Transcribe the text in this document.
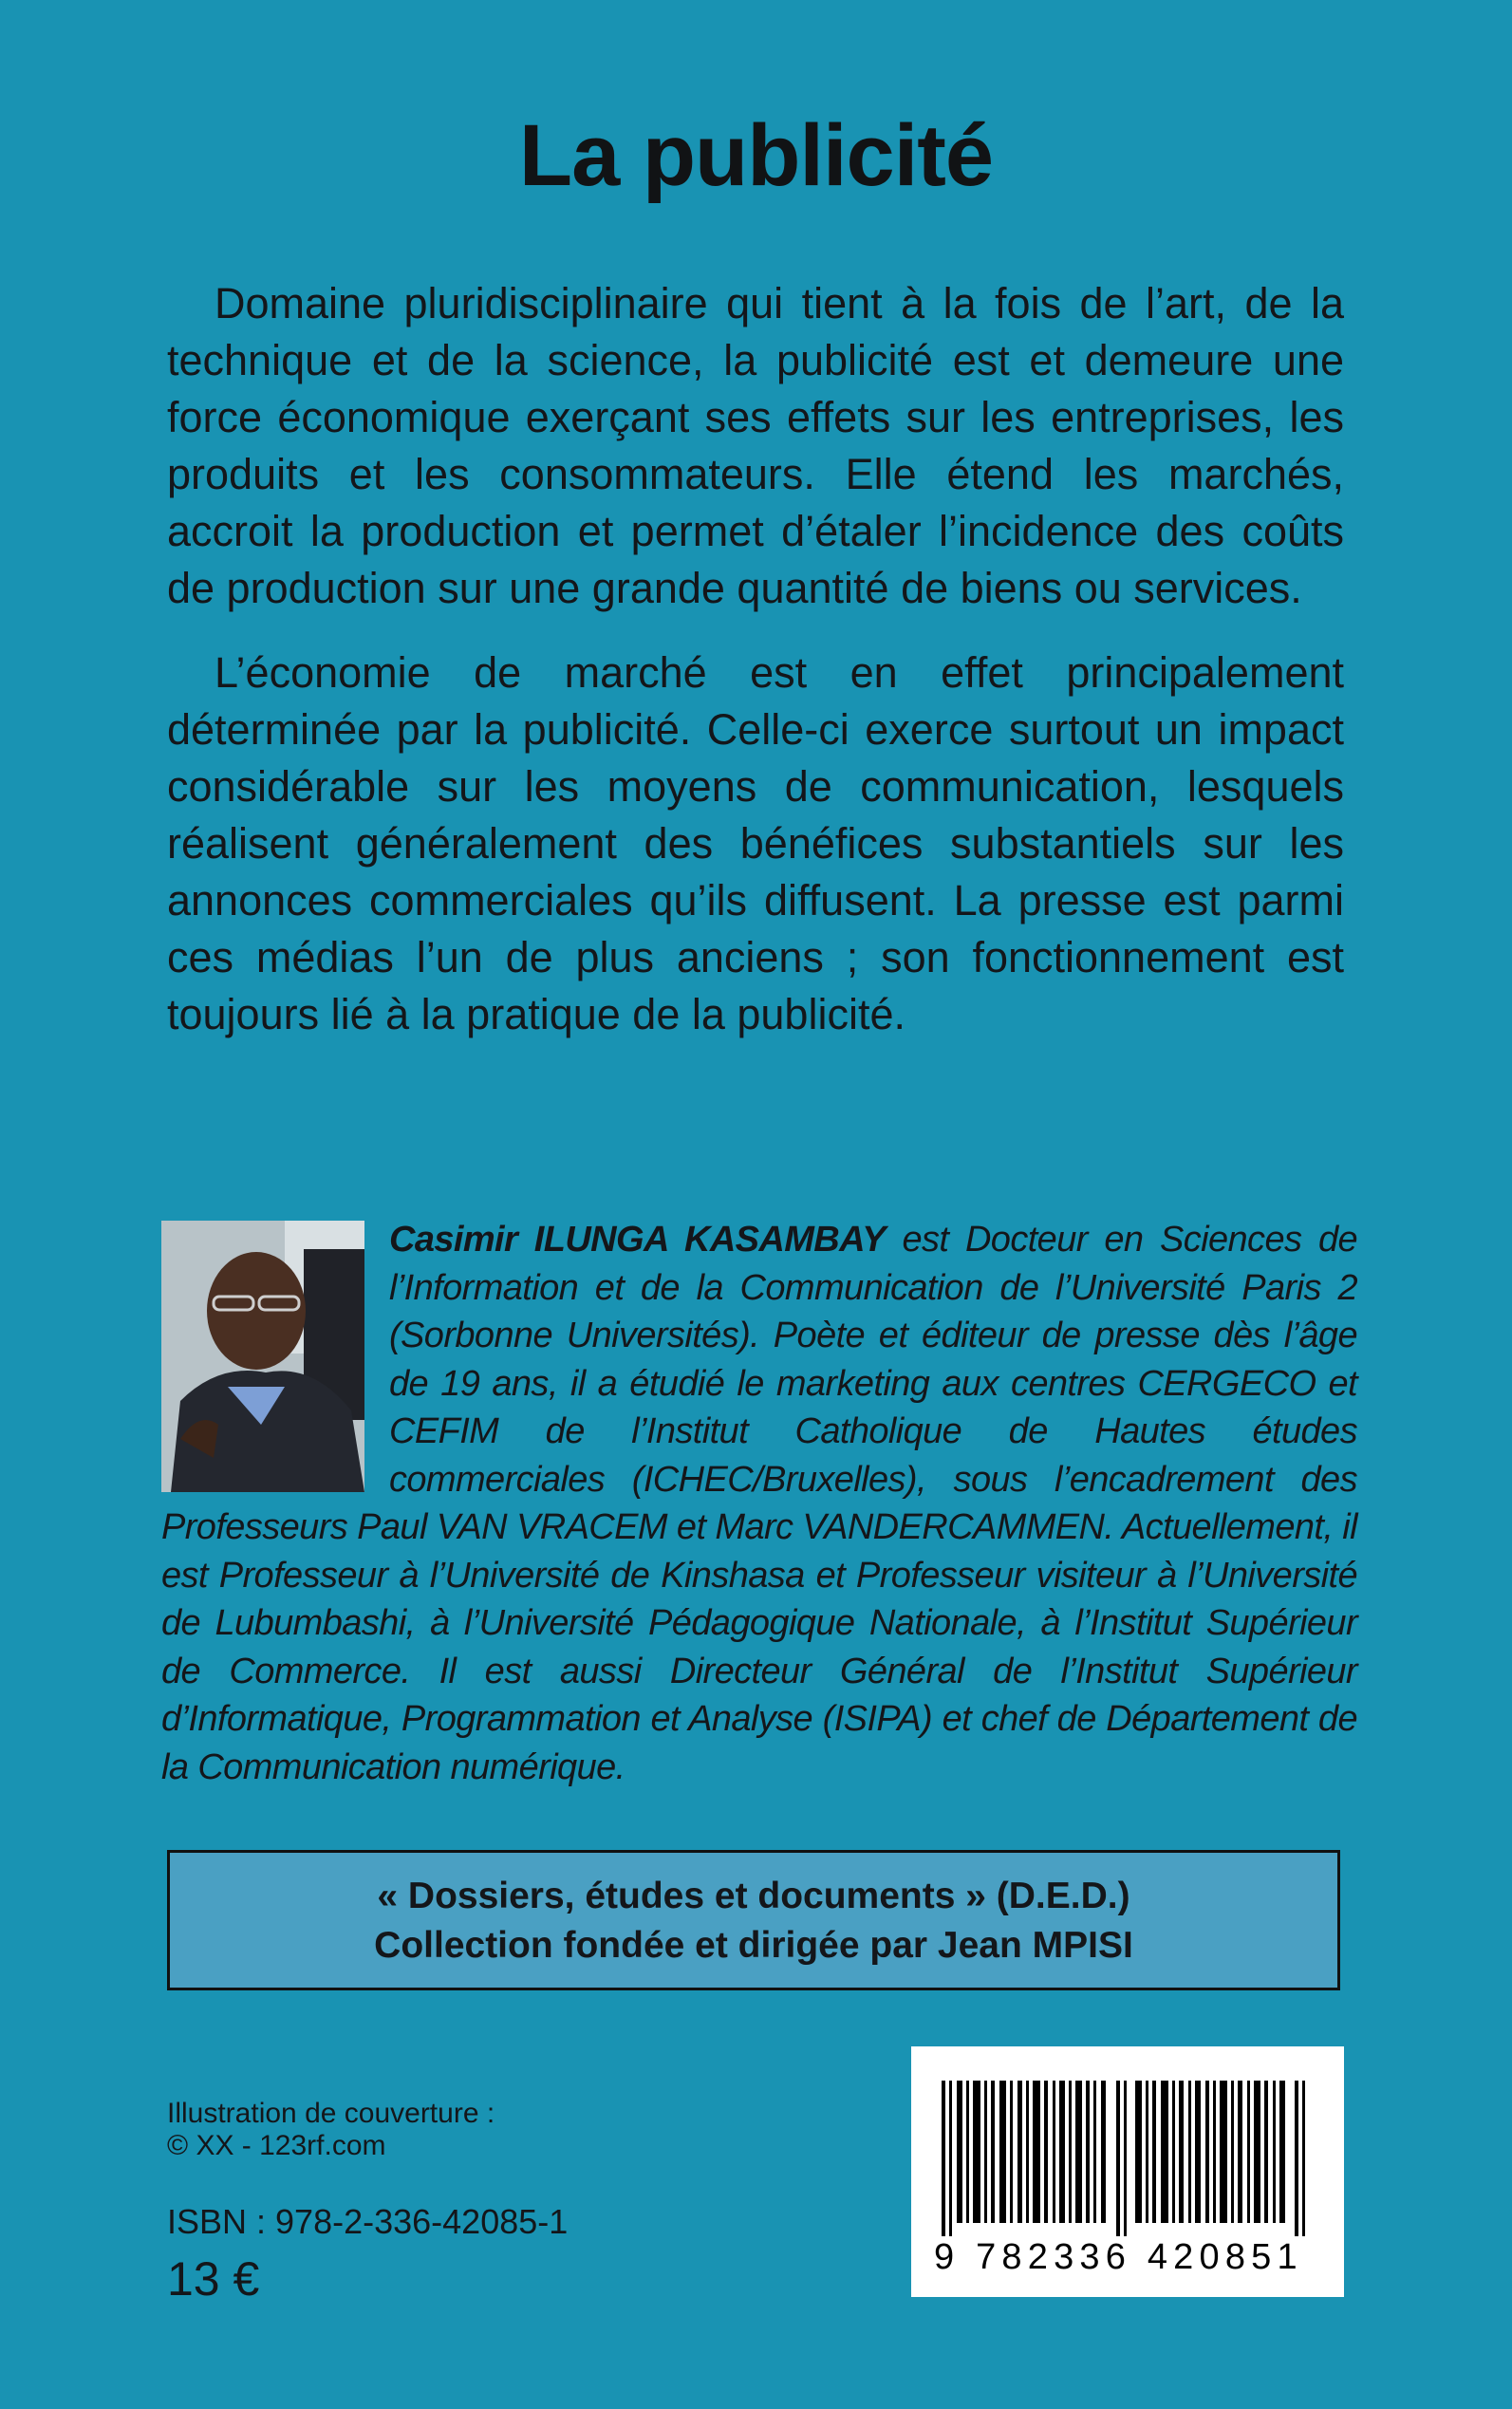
La publicité

Domaine pluridisciplinaire qui tient à la fois de l’art, de la technique et de la science, la publicité est et demeure une force économique exerçant ses effets sur les entreprises, les produits et les consommateurs. Elle étend les marchés, accroit la production et permet d’étaler l’incidence des coûts de production sur une grande quantité de biens ou services.

L’économie de marché est en effet principalement déterminée par la publicité. Celle-ci exerce surtout un impact considérable sur les moyens de communication, lesquels réalisent généralement des bénéfices substantiels sur les annonces commerciales qu’ils diffusent. La presse est parmi ces médias l’un de plus anciens ; son fonctionnement est toujours lié à la pratique de la publicité.

Casimir ILUNGA KASAMBAY est Docteur en Sciences de l’Information et de la Communication de l’Université Paris 2 (Sorbonne Universités). Poète et éditeur de presse dès l’âge de 19 ans, il a étudié le marketing aux centres CERGECO et CEFIM de l’Institut Catholique de Hautes études commerciales (ICHEC/Bruxelles), sous l’encadrement des Professeurs Paul VAN VRACEM et Marc VANDERCAMMEN. Actuellement, il est Professeur à l’Université de Kinshasa et Professeur visiteur à l’Université de Lubumbashi, à l’Université Pédagogique Nationale, à l’Institut Supérieur de Commerce. Il est aussi Directeur Général de l’Institut Supérieur d’Informatique, Programmation et Analyse (ISIPA) et chef de Département de la Communication numérique.
« Dossiers, études et documents » (D.E.D.)
Collection fondée et dirigée par Jean MPISI
Illustration de couverture :
© XX - 123rf.com
ISBN : 978-2-336-42085-1
13 €	9 782336 420851
